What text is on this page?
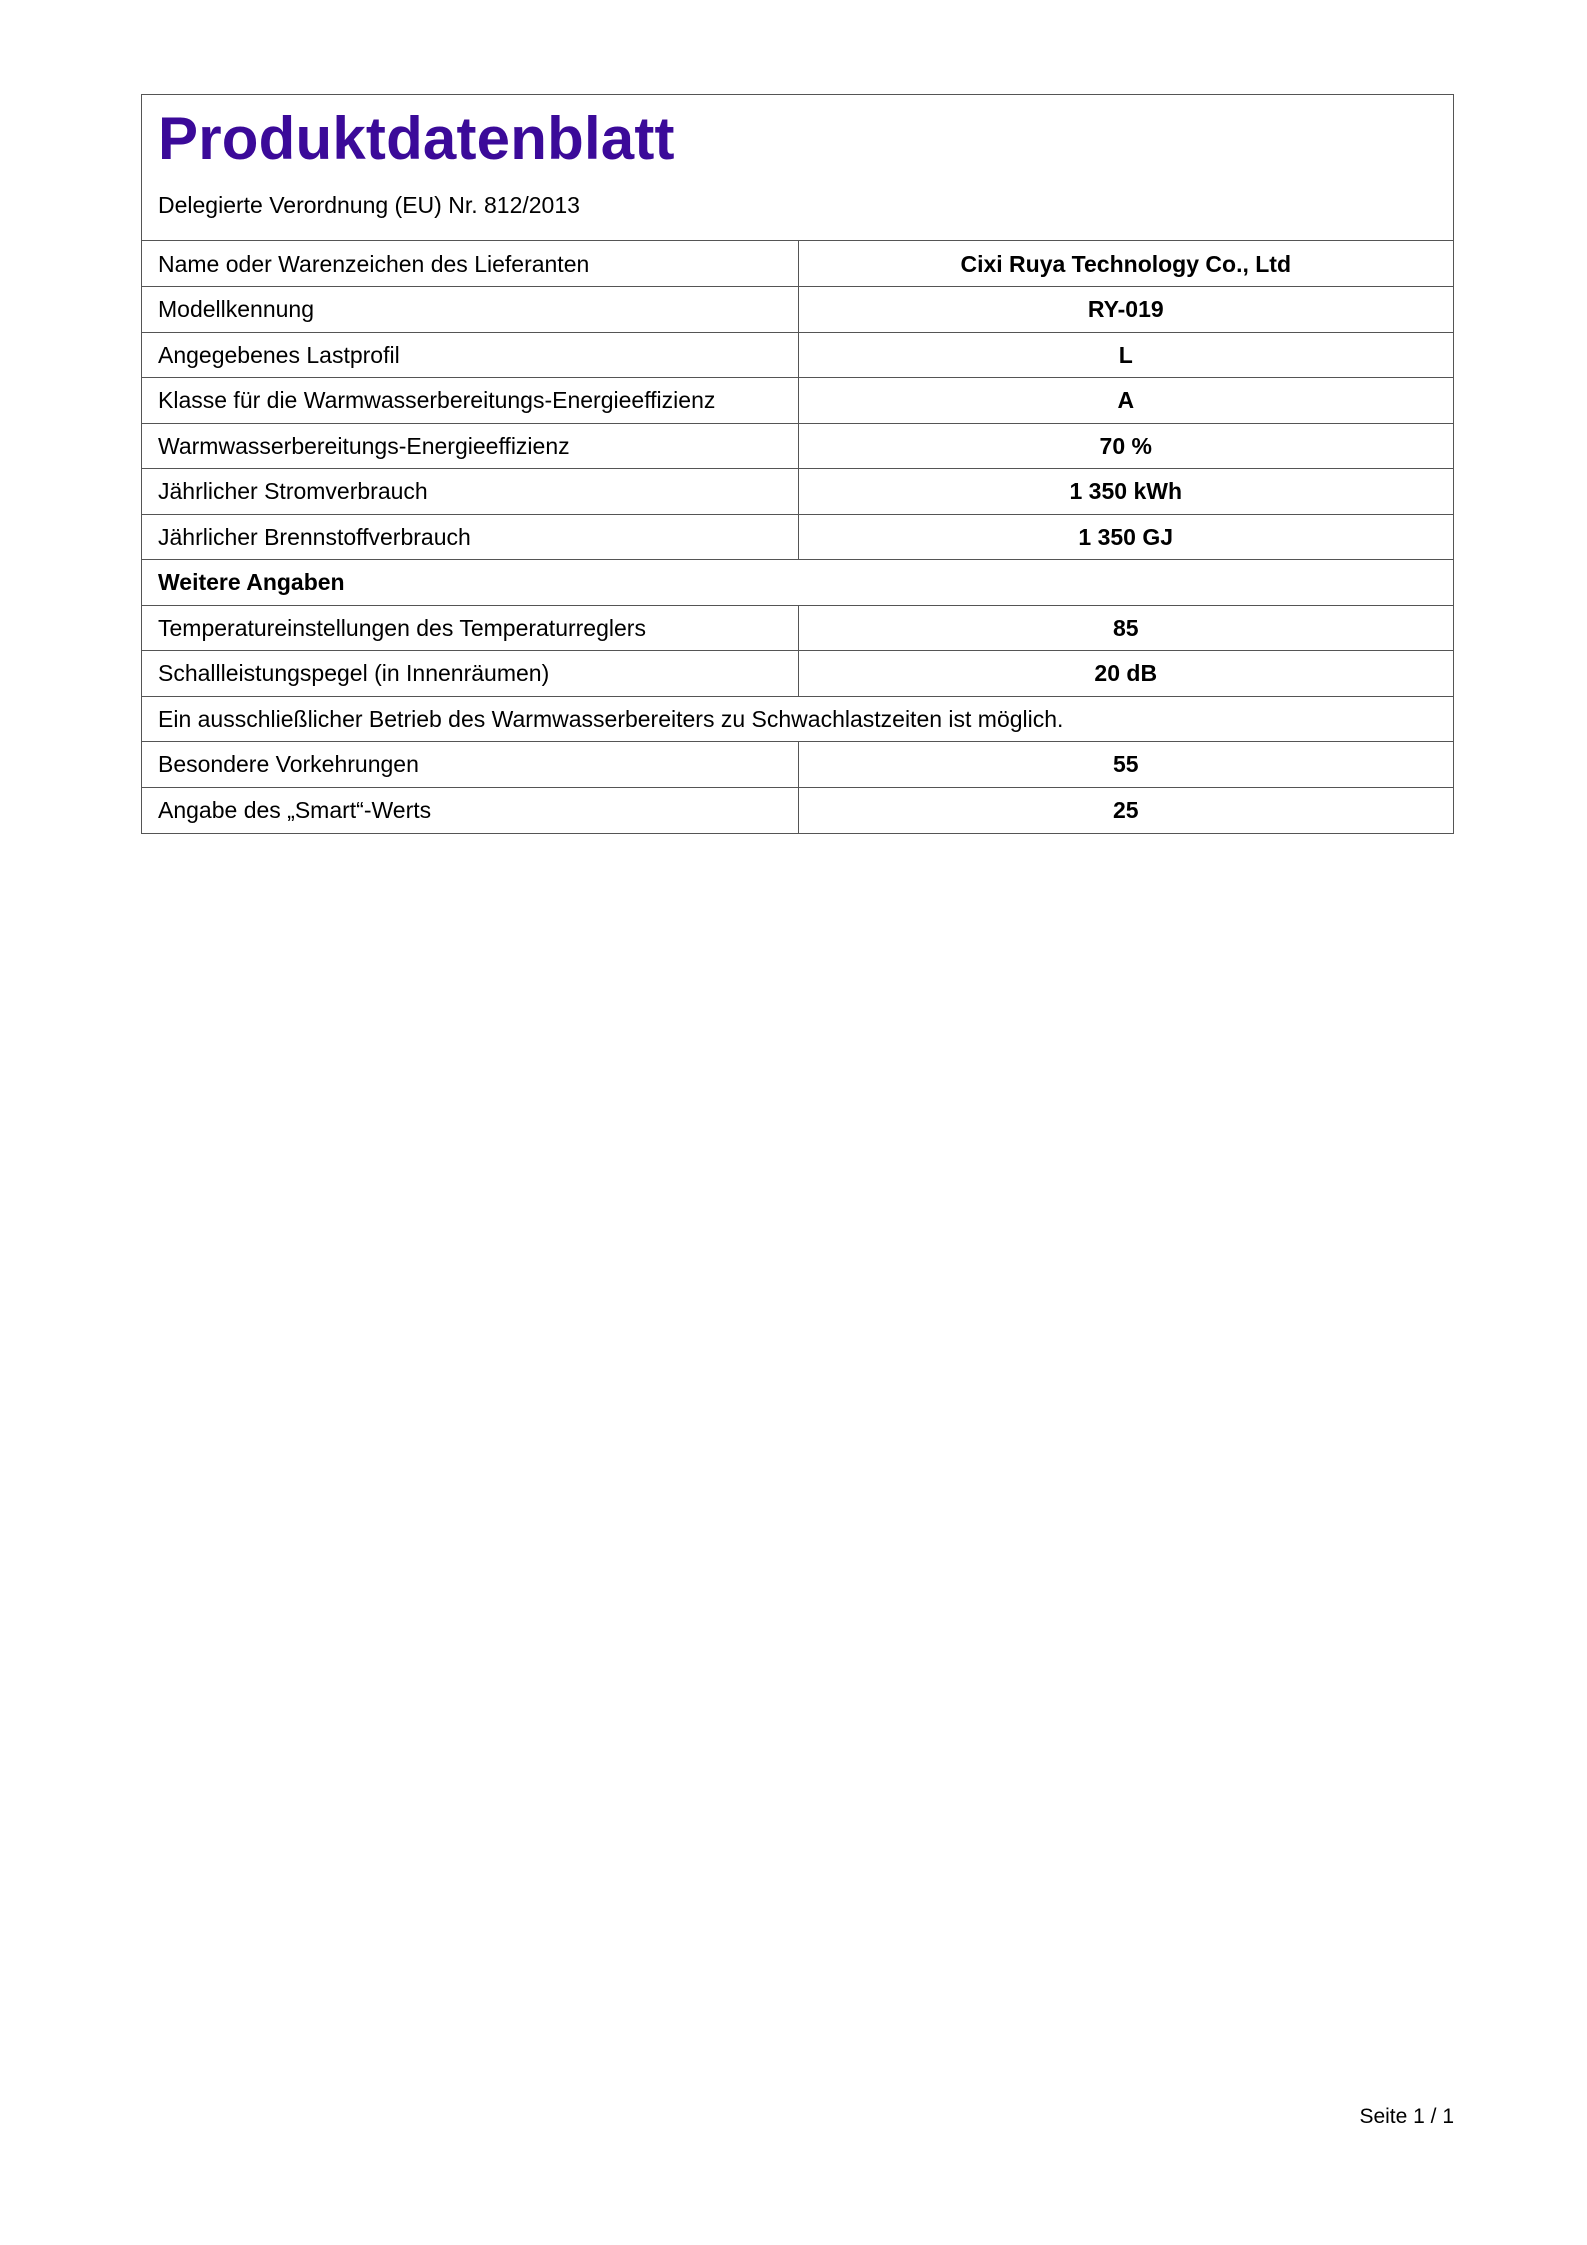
Produktdatenblatt
Delegierte Verordnung (EU) Nr. 812/2013
Name oder Warenzeichen des Lieferanten	Cixi Ruya Technology Co., Ltd
Modellkennung	RY-019
Angegebenes Lastprofil	L
Klasse für die Warmwasserbereitungs-Energieeffizienz	A
Warmwasserbereitungs-Energieeffizienz	70 %
Jährlicher Stromverbrauch	1 350 kWh
Jährlicher Brennstoffverbrauch	1 350 GJ
Weitere Angaben	
Temperatureinstellungen des Temperaturreglers	85
Schallleistungspegel (in Innenräumen)	20 dB
Ein ausschließlicher Betrieb des Warmwasserbereiters zu Schwachlastzeiten ist möglich.	
Besondere Vorkehrungen	55
Angabe des „Smart“-Werts	25
Seite 1 / 1
